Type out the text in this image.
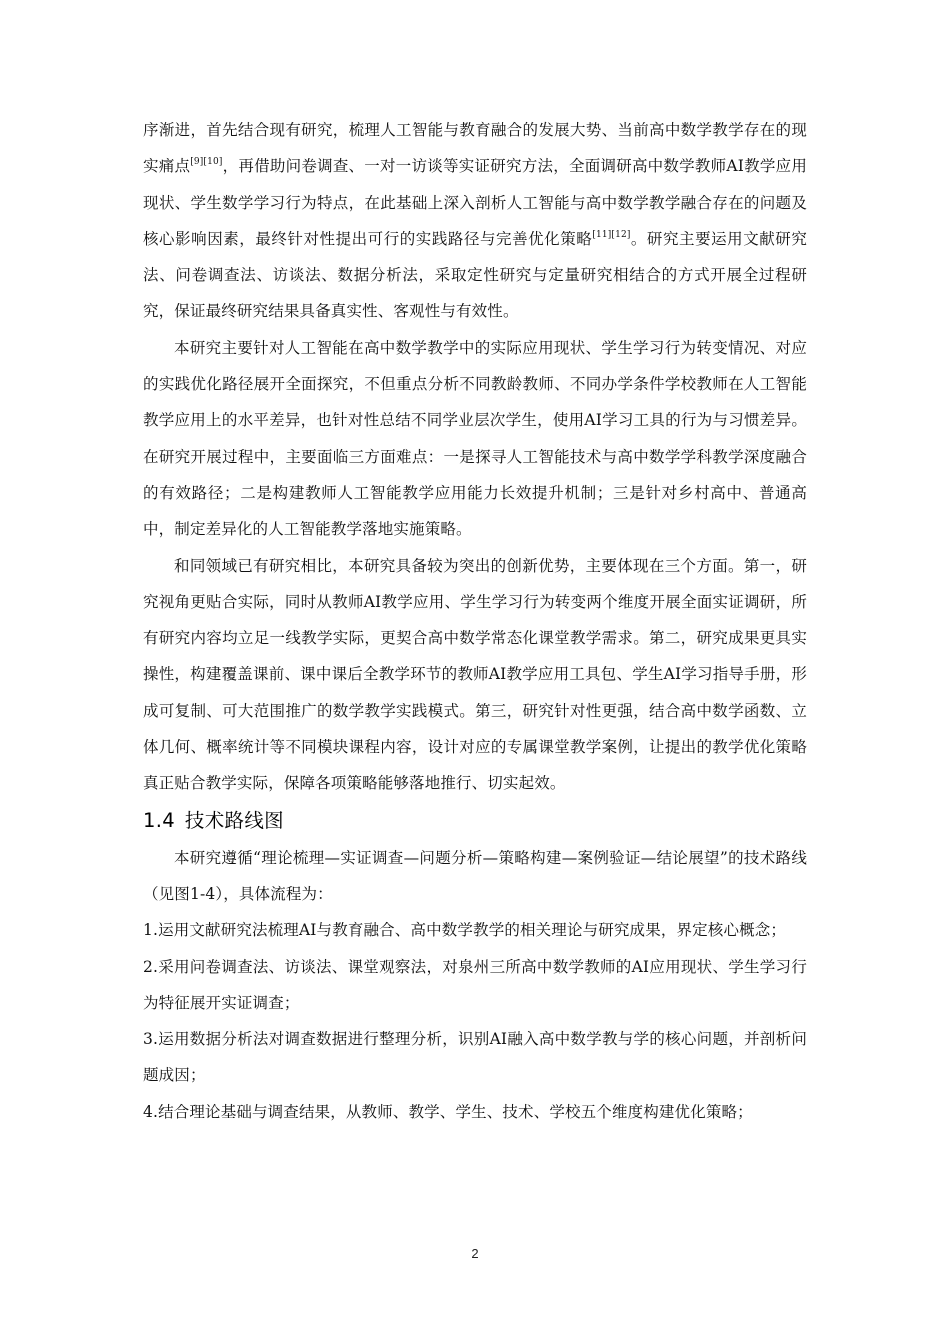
序渐进，首先结合现有研究，梳理人工智能与教育融合的发展大势、当前高中数学教学存在的现实痛点[9][10]，再借助问卷调查、一对一访谈等实证研究方法，全面调研高中数学教师AI教学应用现状、学生数学学习行为特点，在此基础上深入剖析人工智能与高中数学教学融合存在的问题及核心影响因素，最终针对性提出可行的实践路径与完善优化策略[11][12]。研究主要运用文献研究法、问卷调查法、访谈法、数据分析法，采取定性研究与定量研究相结合的方式开展全过程研究，保证最终研究结果具备真实性、客观性与有效性。

本研究主要针对人工智能在高中数学教学中的实际应用现状、学生学习行为转变情况、对应的实践优化路径展开全面探究，不但重点分析不同教龄教师、不同办学条件学校教师在人工智能教学应用上的水平差异，也针对性总结不同学业层次学生，使用AI学习工具的行为与习惯差异。在研究开展过程中，主要面临三方面难点：一是探寻人工智能技术与高中数学学科教学深度融合的有效路径；二是构建教师人工智能教学应用能力长效提升机制；三是针对乡村高中、普通高中，制定差异化的人工智能教学落地实施策略。

和同领域已有研究相比，本研究具备较为突出的创新优势，主要体现在三个方面。第一，研究视角更贴合实际，同时从教师AI教学应用、学生学习行为转变两个维度开展全面实证调研，所有研究内容均立足一线教学实际，更契合高中数学常态化课堂教学需求。第二，研究成果更具实操性，构建覆盖课前、课中课后全教学环节的教师AI教学应用工具包、学生AI学习指导手册，形成可复制、可大范围推广的数学教学实践模式。第三，研究针对性更强，结合高中数学函数、立体几何、概率统计等不同模块课程内容，设计对应的专属课堂教学案例，让提出的教学优化策略真正贴合教学实际，保障各项策略能够落地推行、切实起效。

1.4 技术路线图

本研究遵循“理论梳理—实证调查—问题分析—策略构建—案例验证—结论展望”的技术路线（见图1-4），具体流程为：

1.运用文献研究法梳理AI与教育融合、高中数学教学的相关理论与研究成果，界定核心概念；

2.采用问卷调查法、访谈法、课堂观察法，对泉州三所高中数学教师的AI应用现状、学生学习行为特征展开实证调查；

3.运用数据分析法对调查数据进行整理分析，识别AI融入高中数学教与学的核心问题，并剖析问题成因；

4.结合理论基础与调查结果，从教师、教学、学生、技术、学校五个维度构建优化策略；

2
